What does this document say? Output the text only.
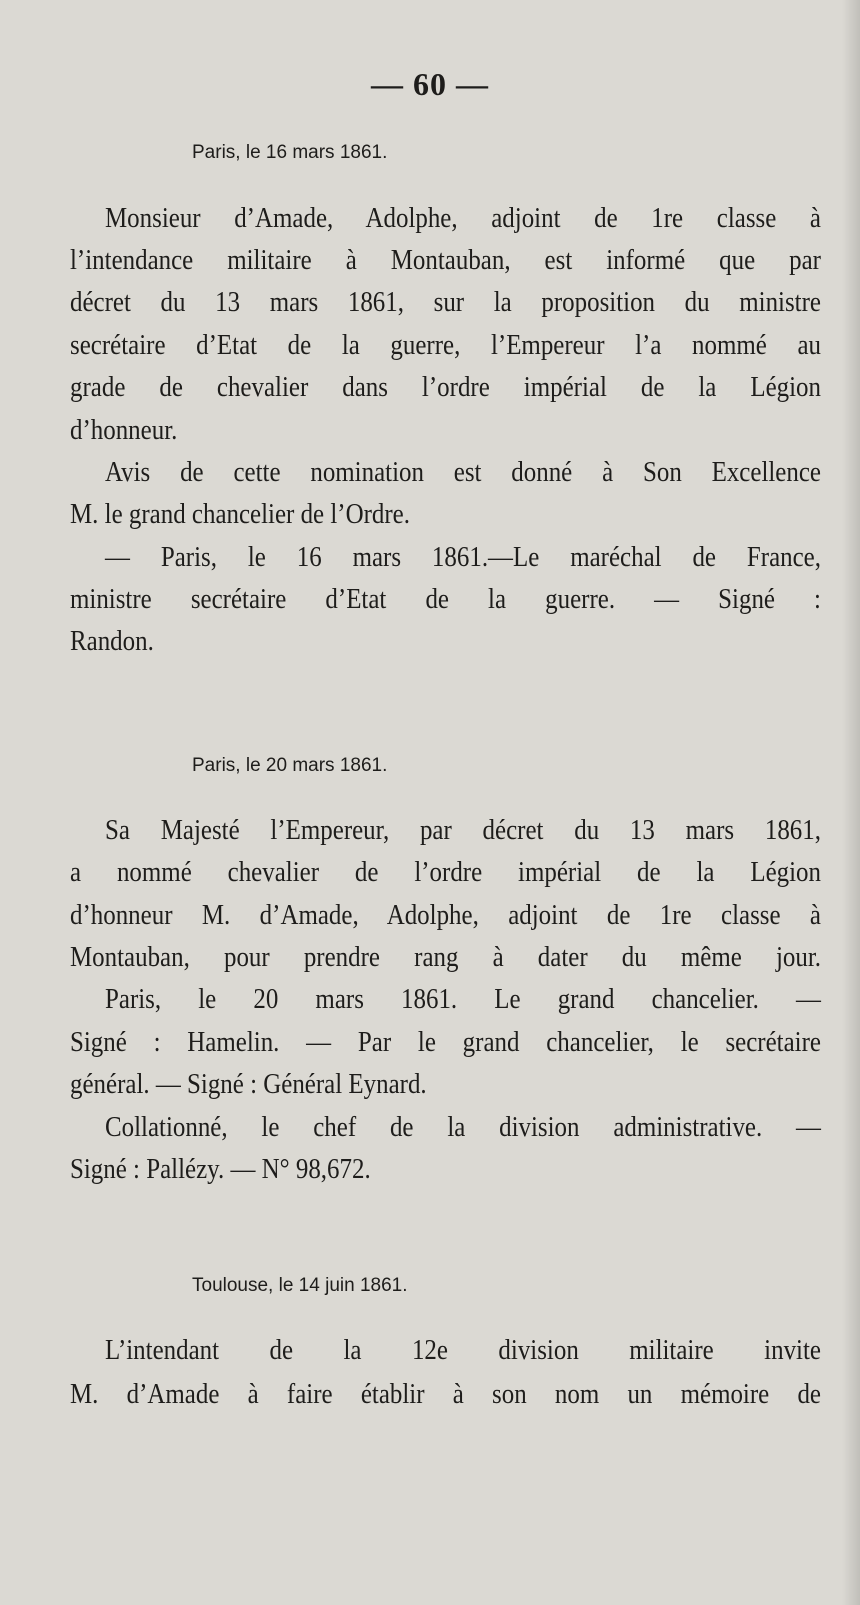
— 60 —
Paris, le 16 mars 1861.
Monsieur d’Amade, Adolphe, adjoint de 1re classe à
l’intendance militaire à Montauban, est informé que par
décret du 13 mars 1861, sur la proposition du ministre
secrétaire d’Etat de la guerre, l’Empereur l’a nommé au
grade de chevalier dans l’ordre impérial de la Légion
d’honneur.
Avis de cette nomination est donné à Son Excellence
M. le grand chancelier de l’Ordre.
— Paris, le 16 mars 1861.—Le maréchal de France,
ministre secrétaire d’Etat de la guerre. — Signé :
Randon.
Paris, le 20 mars 1861.
Sa Majesté l’Empereur, par décret du 13 mars 1861,
a nommé chevalier de l’ordre impérial de la Légion
d’honneur M. d’Amade, Adolphe, adjoint de 1re classe à
Montauban, pour prendre rang à dater du même jour.
Paris, le 20 mars 1861. Le grand chancelier. —
Signé : Hamelin. — Par le grand chancelier, le secrétaire
général. — Signé : Général Eynard.
Collationné, le chef de la division administrative. —
Signé : Pallézy. — N° 98,672.
Toulouse, le 14 juin 1861.
L’intendant de la 12e division militaire invite
M. d’Amade à faire établir à son nom un mémoire de
